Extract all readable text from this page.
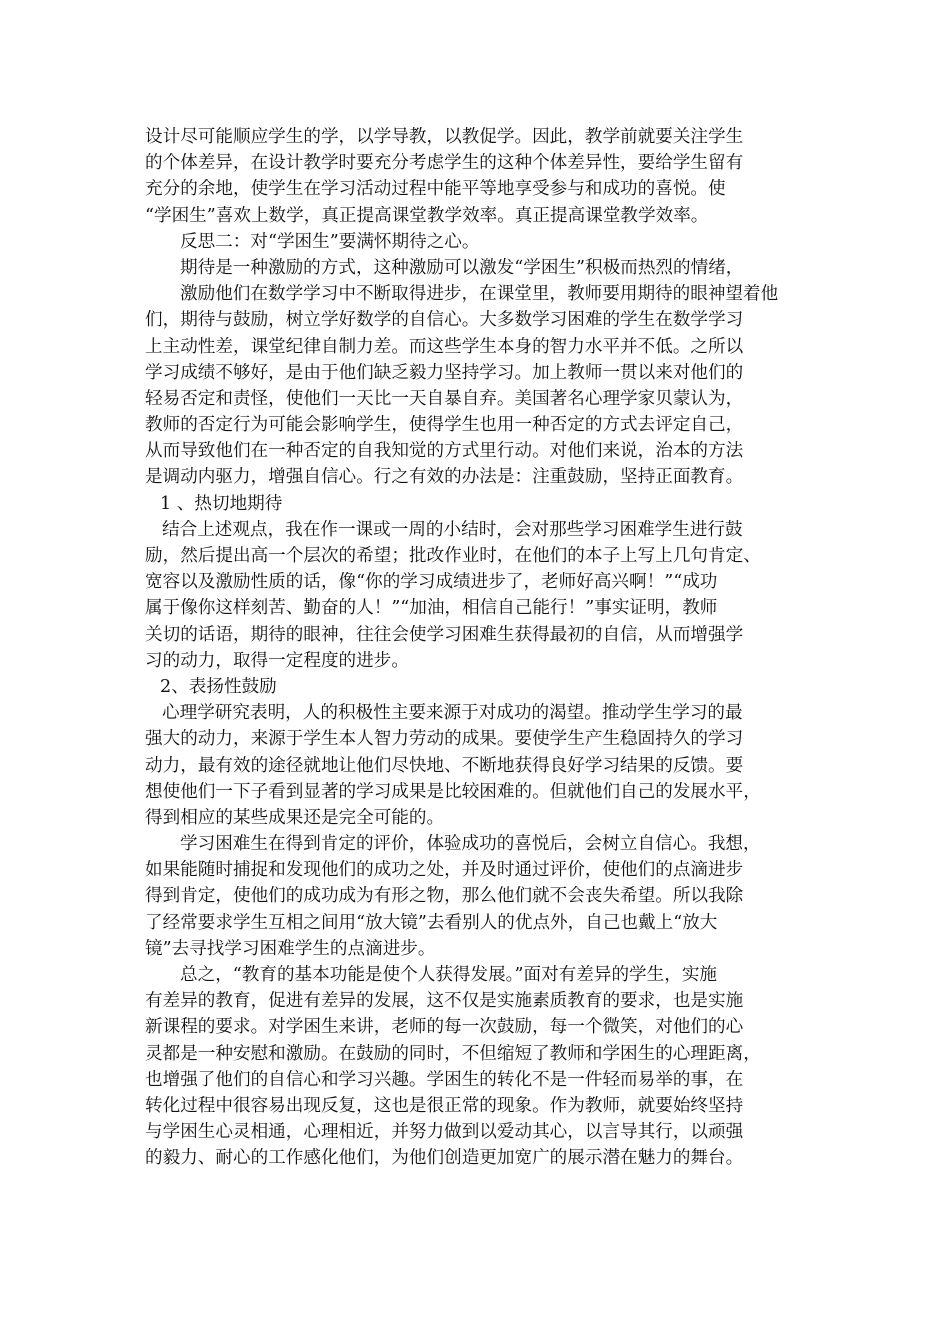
设计尽可能顺应学生的学，以学导教，以教促学。因此，教学前就要关注学生
的个体差异，在设计教学时要充分考虑学生的这种个体差异性，要给学生留有
充分的余地，使学生在学习活动过程中能平等地享受参与和成功的喜悦。使
“学困生”喜欢上数学，真正提高课堂教学效率。真正提高课堂教学效率。
反思二：对“学困生”要满怀期待之心。
期待是一种激励的方式，这种激励可以激发“学困生”积极而热烈的情绪，
激励他们在数学学习中不断取得进步，在课堂里，教师要用期待的眼神望着他
们，期待与鼓励，树立学好数学的自信心。大多数学习困难的学生在数学学习
上主动性差，课堂纪律自制力差。而这些学生本身的智力水平并不低。之所以
学习成绩不够好，是由于他们缺乏毅力坚持学习。加上教师一贯以来对他们的
轻易否定和责怪，使他们一天比一天自暴自弃。美国著名心理学家贝蒙认为，
教师的否定行为可能会影响学生，使得学生也用一种否定的方式去评定自己，
从而导致他们在一种否定的自我知觉的方式里行动。对他们来说，治本的方法
是调动内驱力，增强自信心。行之有效的办法是：注重鼓励，坚持正面教育。
1 、热切地期待
结合上述观点，我在作一课或一周的小结时，会对那些学习困难学生进行鼓
励，然后提出高一个层次的希望；批改作业时，在他们的本子上写上几句肯定、
宽容以及激励性质的话，像“你的学习成绩进步了，老师好高兴啊！”“成功
属于像你这样刻苦、勤奋的人！”“加油，相信自己能行！”事实证明，教师
关切的话语，期待的眼神，往往会使学习困难生获得最初的自信，从而增强学
习的动力，取得一定程度的进步。
2、表扬性鼓励
心理学研究表明，人的积极性主要来源于对成功的渴望。推动学生学习的最
强大的动力，来源于学生本人智力劳动的成果。要使学生产生稳固持久的学习
动力，最有效的途径就地让他们尽快地、不断地获得良好学习结果的反馈。要
想使他们一下子看到显著的学习成果是比较困难的。但就他们自己的发展水平，
得到相应的某些成果还是完全可能的。
学习困难生在得到肯定的评价，体验成功的喜悦后，会树立自信心。我想，
如果能随时捕捉和发现他们的成功之处，并及时通过评价，使他们的点滴进步
得到肯定，使他们的成功成为有形之物，那么他们就不会丧失希望。所以我除
了经常要求学生互相之间用“放大镜”去看别人的优点外，自己也戴上“放大
镜”去寻找学习困难学生的点滴进步。
总之，“教育的基本功能是使个人获得发展。”面对有差异的学生，实施
有差异的教育，促进有差异的发展，这不仅是实施素质教育的要求，也是实施
新课程的要求。对学困生来讲，老师的每一次鼓励，每一个微笑，对他们的心
灵都是一种安慰和激励。在鼓励的同时，不但缩短了教师和学困生的心理距离，
也增强了他们的自信心和学习兴趣。学困生的转化不是一件轻而易举的事，在
转化过程中很容易出现反复，这也是很正常的现象。作为教师，就要始终坚持
与学困生心灵相通，心理相近，并努力做到以爱动其心，以言导其行，以顽强
的毅力、耐心的工作感化他们，为他们创造更加宽广的展示潜在魅力的舞台。
